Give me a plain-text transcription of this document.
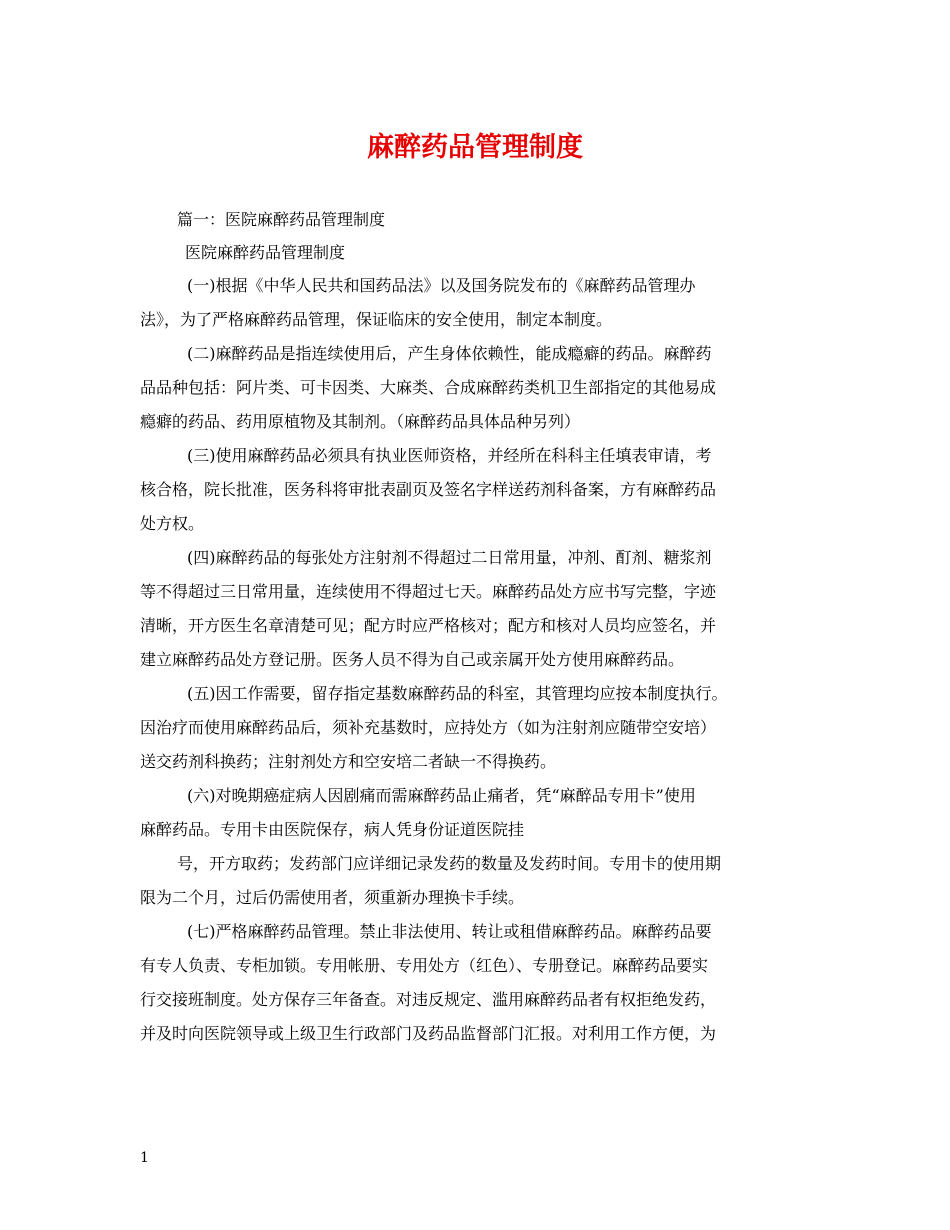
麻醉药品管理制度

篇一：医院麻醉药品管理制度

医院麻醉药品管理制度

(一)根据《中华人民共和国药品法》以及国务院发布的《麻醉药品管理办

法》，为了严格麻醉药品管理，保证临床的安全使用，制定本制度。

(二)麻醉药品是指连续使用后，产生身体依赖性，能成瘾癖的药品。麻醉药

品品种包括：阿片类、可卡因类、大麻类、合成麻醉药类机卫生部指定的其他易成

瘾癖的药品、药用原植物及其制剂。（麻醉药品具体品种另列）

(三)使用麻醉药品必须具有执业医师资格，并经所在科科主任填表审请，考

核合格，院长批准，医务科将审批表副页及签名字样送药剂科备案，方有麻醉药品

处方权。

(四)麻醉药品的每张处方注射剂不得超过二日常用量，冲剂、酊剂、糖浆剂

等不得超过三日常用量，连续使用不得超过七天。麻醉药品处方应书写完整，字迹

清晰，开方医生名章清楚可见；配方时应严格核对；配方和核对人员均应签名，并

建立麻醉药品处方登记册。医务人员不得为自己或亲属开处方使用麻醉药品。

(五)因工作需要，留存指定基数麻醉药品的科室，其管理均应按本制度执行。

因治疗而使用麻醉药品后，须补充基数时，应持处方（如为注射剂应随带空安培）

送交药剂科换药；注射剂处方和空安培二者缺一不得换药。

(六)对晚期癌症病人因剧痛而需麻醉药品止痛者，凭“麻醉品专用卡”使用

麻醉药品。专用卡由医院保存，病人凭身份证道医院挂

号，开方取药；发药部门应详细记录发药的数量及发药时间。专用卡的使用期

限为二个月，过后仍需使用者，须重新办理换卡手续。

(七)严格麻醉药品管理。禁止非法使用、转让或租借麻醉药品。麻醉药品要

有专人负责、专柜加锁。专用帐册、专用处方（红色）、专册登记。麻醉药品要实

行交接班制度。处方保存三年备查。对违反规定、滥用麻醉药品者有权拒绝发药，

并及时向医院领导或上级卫生行政部门及药品监督部门汇报。对利用工作方便，为

1
